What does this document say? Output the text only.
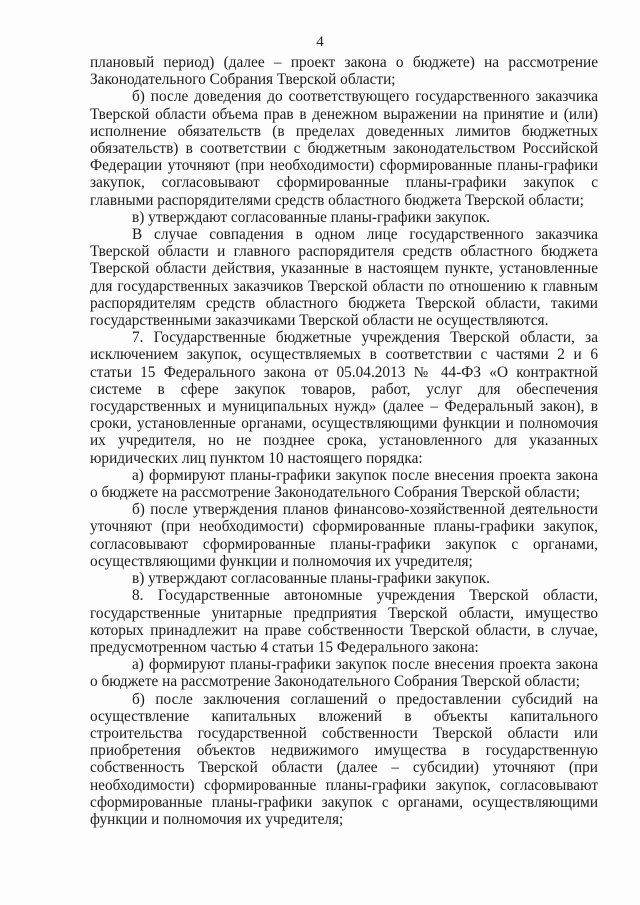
4

плановый период) (далее – проект закона о бюджете) на рассмотрение Законодательного Собрания Тверской области;

б) после доведения до соответствующего государственного заказчика Тверской области объема прав в денежном выражении на принятие и (или) исполнение обязательств (в пределах доведенных лимитов бюджетных обязательств) в соответствии с бюджетным законодательством Российской Федерации уточняют (при необходимости) сформированные планы-графики закупок, согласовывают сформированные планы-графики закупок с главными распорядителями средств областного бюджета Тверской области;

в) утверждают согласованные планы-графики закупок.

В случае совпадения в одном лице государственного заказчика Тверской области и главного распорядителя средств областного бюджета Тверской области действия, указанные в настоящем пункте, установленные для государственных заказчиков Тверской области по отношению к главным распорядителям средств областного бюджета Тверской области, такими государственными заказчиками Тверской области не осуществляются.

7. Государственные бюджетные учреждения Тверской области, за исключением закупок, осуществляемых в соответствии с частями 2 и 6 статьи 15 Федерального закона от 05.04.2013 № 44-ФЗ «О контрактной системе в сфере закупок товаров, работ, услуг для обеспечения государственных и муниципальных нужд» (далее – Федеральный закон), в сроки, установленные органами, осуществляющими функции и полномочия их учредителя, но не позднее срока, установленного для указанных юридических лиц пунктом 10 настоящего порядка:

а) формируют планы-графики закупок после внесения проекта закона о бюджете на рассмотрение Законодательного Собрания Тверской области;

б) после утверждения планов финансово-хозяйственной деятельности уточняют (при необходимости) сформированные планы-графики закупок, согласовывают сформированные планы-графики закупок с органами, осуществляющими функции и полномочия их учредителя;

в) утверждают согласованные планы-графики закупок.

8. Государственные автономные учреждения Тверской области, государственные унитарные предприятия Тверской области, имущество которых принадлежит на праве собственности Тверской области, в случае, предусмотренном частью 4 статьи 15 Федерального закона:

а) формируют планы-графики закупок после внесения проекта закона о бюджете на рассмотрение Законодательного Собрания Тверской области;

б) после заключения соглашений о предоставлении субсидий на осуществление капитальных вложений в объекты капитального строительства государственной собственности Тверской области или приобретения объектов недвижимого имущества в государственную собственность Тверской области (далее – субсидии) уточняют (при необходимости) сформированные планы-графики закупок, согласовывают сформированные планы-графики закупок с органами, осуществляющими функции и полномочия их учредителя;
